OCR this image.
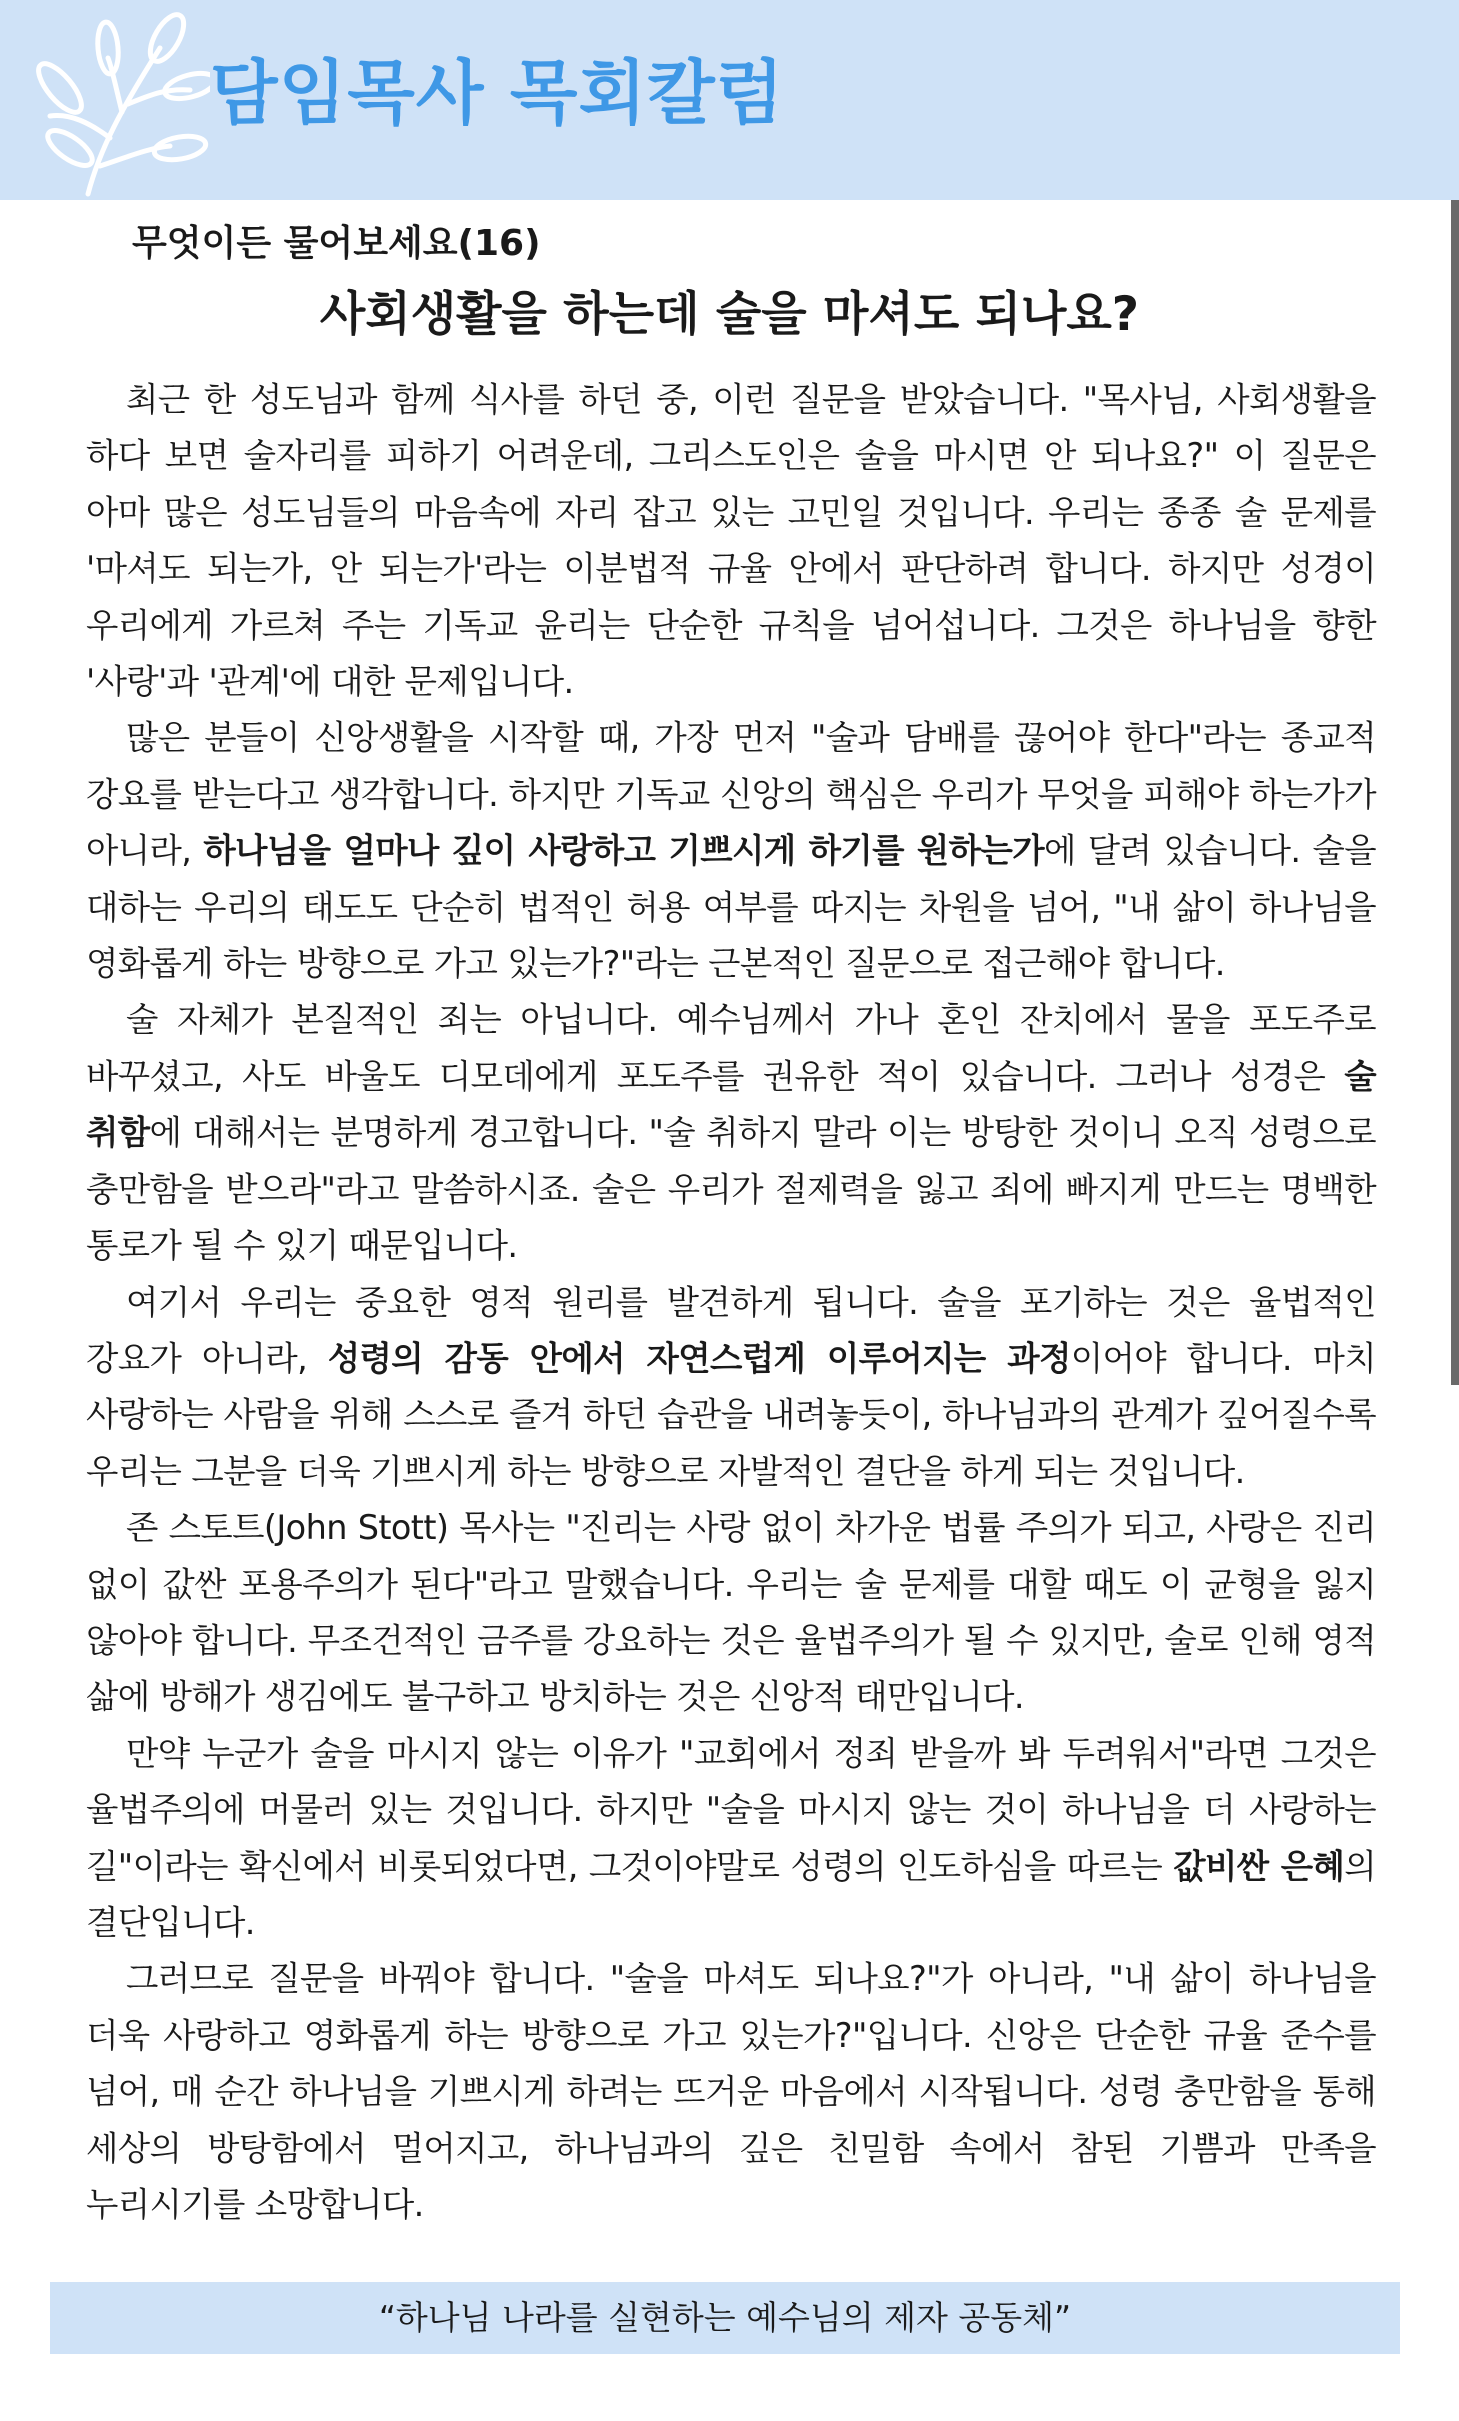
담임목사 목회칼럼
무엇이든 물어보세요(16)
사회생활을 하는데 술을 마셔도 되나요?

최근 한 성도님과 함께 식사를 하던 중, 이런 질문을 받았습니다. "목사님, 사회생활을 하다 보면 술자리를 피하기 어려운데, 그리스도인은 술을 마시면 안 되나요?" 이 질문은 아마 많은 성도님들의 마음속에 자리 잡고 있는 고민일 것입니다. 우리는 종종 술 문제를 '마셔도 되는가, 안 되는가'라는 이분법적 규율 안에서 판단하려 합니다. 하지만 성경이 우리에게 가르쳐 주는 기독교 윤리는 단순한 규칙을 넘어섭니다. 그것은 하나님을 향한 '사랑'과 '관계'에 대한 문제입니다.

많은 분들이 신앙생활을 시작할 때, 가장 먼저 "술과 담배를 끊어야 한다"라는 종교적 강요를 받는다고 생각합니다. 하지만 기독교 신앙의 핵심은 우리가 무엇을 피해야 하는가가 아니라, 하나님을 얼마나 깊이 사랑하고 기쁘시게 하기를 원하는가에 달려 있습니다. 술을 대하는 우리의 태도도 단순히 법적인 허용 여부를 따지는 차원을 넘어, "내 삶이 하나님을 영화롭게 하는 방향으로 가고 있는가?"라는 근본적인 질문으로 접근해야 합니다.

술 자체가 본질적인 죄는 아닙니다. 예수님께서 가나 혼인 잔치에서 물을 포도주로 바꾸셨고, 사도 바울도 디모데에게 포도주를 권유한 적이 있습니다. 그러나 성경은 술 취함에 대해서는 분명하게 경고합니다. "술 취하지 말라 이는 방탕한 것이니 오직 성령으로 충만함을 받으라"라고 말씀하시죠. 술은 우리가 절제력을 잃고 죄에 빠지게 만드는 명백한 통로가 될 수 있기 때문입니다.

여기서 우리는 중요한 영적 원리를 발견하게 됩니다. 술을 포기하는 것은 율법적인 강요가 아니라, 성령의 감동 안에서 자연스럽게 이루어지는 과정이어야 합니다. 마치 사랑하는 사람을 위해 스스로 즐겨 하던 습관을 내려놓듯이, 하나님과의 관계가 깊어질수록 우리는 그분을 더욱 기쁘시게 하는 방향으로 자발적인 결단을 하게 되는 것입니다.

존 스토트(John Stott) 목사는 "진리는 사랑 없이 차가운 법률 주의가 되고, 사랑은 진리 없이 값싼 포용주의가 된다"라고 말했습니다. 우리는 술 문제를 대할 때도 이 균형을 잃지 않아야 합니다. 무조건적인 금주를 강요하는 것은 율법주의가 될 수 있지만, 술로 인해 영적 삶에 방해가 생김에도 불구하고 방치하는 것은 신앙적 태만입니다.

만약 누군가 술을 마시지 않는 이유가 "교회에서 정죄 받을까 봐 두려워서"라면 그것은 율법주의에 머물러 있는 것입니다. 하지만 "술을 마시지 않는 것이 하나님을 더 사랑하는 길"이라는 확신에서 비롯되었다면, 그것이야말로 성령의 인도하심을 따르는 값비싼 은혜의 결단입니다.

그러므로 질문을 바꿔야 합니다. "술을 마셔도 되나요?"가 아니라, "내 삶이 하나님을 더욱 사랑하고 영화롭게 하는 방향으로 가고 있는가?"입니다. 신앙은 단순한 규율 준수를 넘어, 매 순간 하나님을 기쁘시게 하려는 뜨거운 마음에서 시작됩니다. 성령 충만함을 통해 세상의 방탕함에서 멀어지고, 하나님과의 깊은 친밀함 속에서 참된 기쁨과 만족을 누리시기를 소망합니다.

“하나님 나라를 실현하는 예수님의 제자 공동체”
